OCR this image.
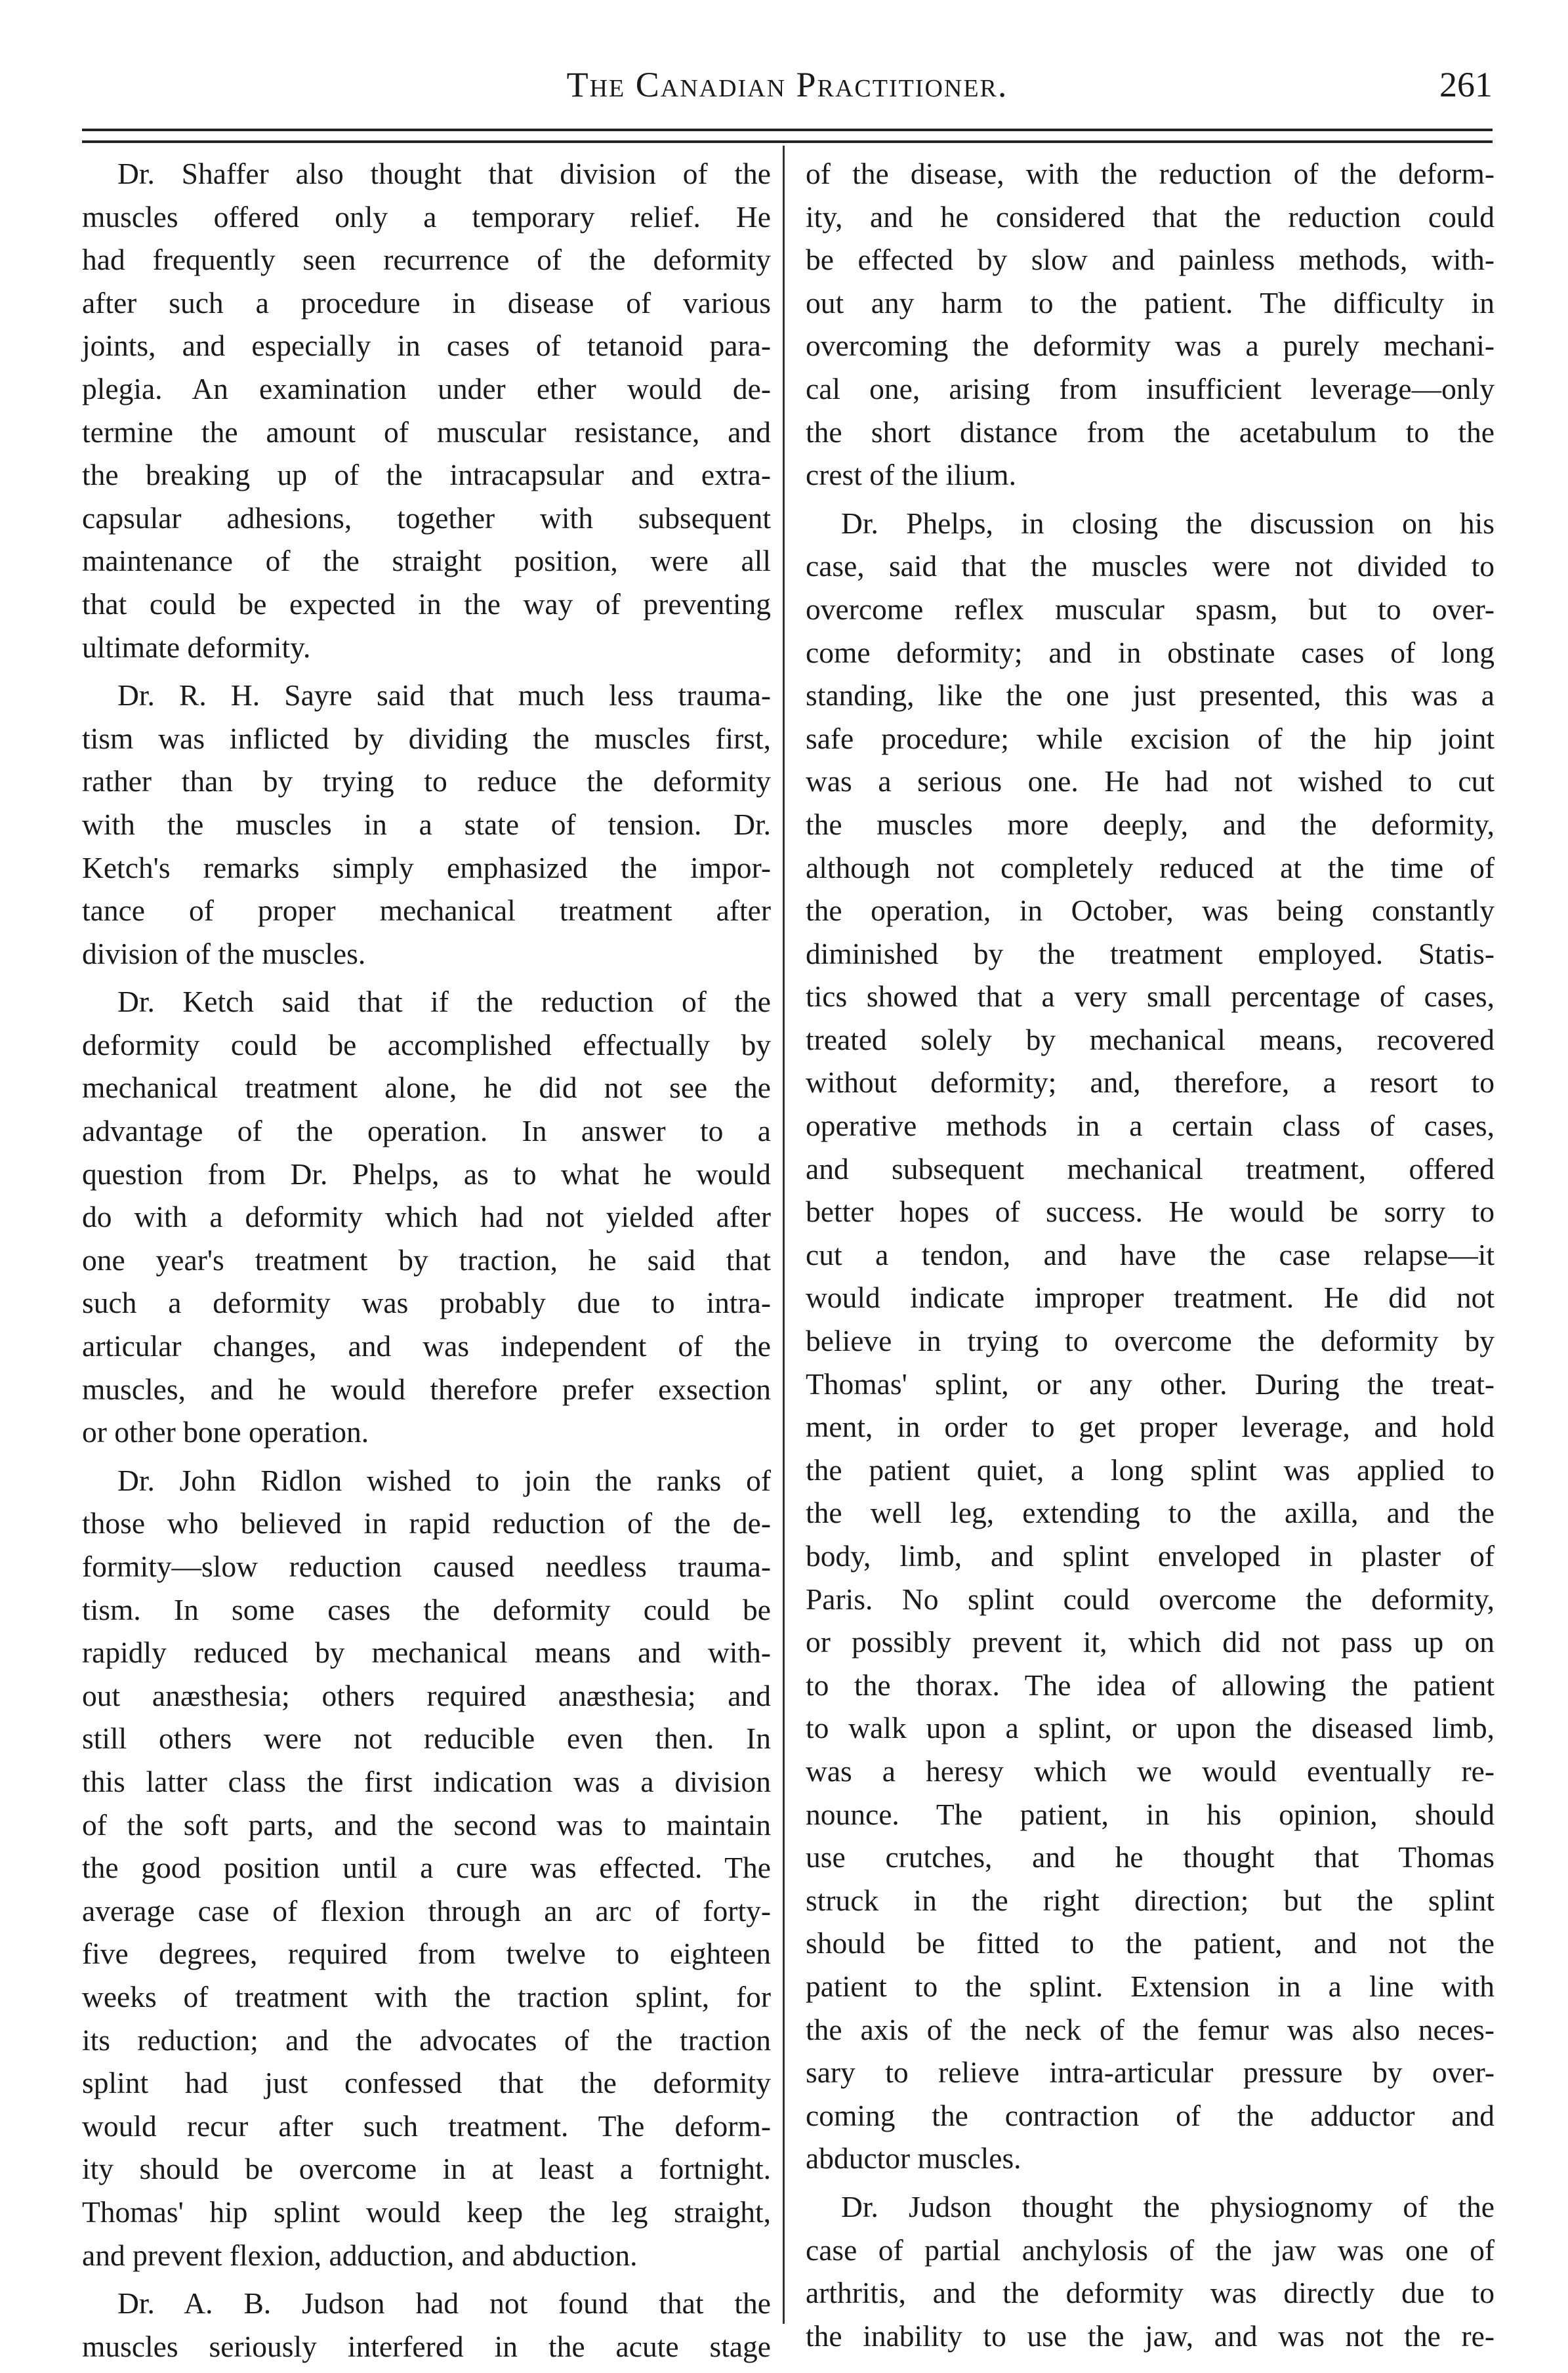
The Canadian Practitioner.	261

Dr. Shaffer also thought that division of the
muscles offered only a temporary relief. He
had frequently seen recurrence of the deformity
after such a procedure in disease of various
joints, and especially in cases of tetanoid para-
plegia. An examination under ether would de-
termine the amount of muscular resistance, and
the breaking up of the intracapsular and extra-
capsular adhesions, together with subsequent
maintenance of the straight position, were all
that could be expected in the way of preventing
ultimate deformity.

Dr. R. H. Sayre said that much less trauma-
tism was inflicted by dividing the muscles first,
rather than by trying to reduce the deformity
with the muscles in a state of tension. Dr.
Ketch's remarks simply emphasized the impor-
tance of proper mechanical treatment after
division of the muscles.

Dr. Ketch said that if the reduction of the
deformity could be accomplished effectually by
mechanical treatment alone, he did not see the
advantage of the operation. In answer to a
question from Dr. Phelps, as to what he would
do with a deformity which had not yielded after
one year's treatment by traction, he said that
such a deformity was probably due to intra-
articular changes, and was independent of the
muscles, and he would therefore prefer exsection
or other bone operation.

Dr. John Ridlon wished to join the ranks of
those who believed in rapid reduction of the de-
formity—slow reduction caused needless trauma-
tism. In some cases the deformity could be
rapidly reduced by mechanical means and with-
out anæsthesia; others required anæsthesia; and
still others were not reducible even then. In
this latter class the first indication was a division
of the soft parts, and the second was to maintain
the good position until a cure was effected. The
average case of flexion through an arc of forty-
five degrees, required from twelve to eighteen
weeks of treatment with the traction splint, for
its reduction; and the advocates of the traction
splint had just confessed that the deformity
would recur after such treatment. The deform-
ity should be overcome in at least a fortnight.
Thomas' hip splint would keep the leg straight,
and prevent flexion, adduction, and abduction.

Dr. A. B. Judson had not found that the
muscles seriously interfered in the acute stage

of the disease, with the reduction of the deform-
ity, and he considered that the reduction could
be effected by slow and painless methods, with-
out any harm to the patient. The difficulty in
overcoming the deformity was a purely mechani-
cal one, arising from insufficient leverage—only
the short distance from the acetabulum to the
crest of the ilium.

Dr. Phelps, in closing the discussion on his
case, said that the muscles were not divided to
overcome reflex muscular spasm, but to over-
come deformity; and in obstinate cases of long
standing, like the one just presented, this was a
safe procedure; while excision of the hip joint
was a serious one. He had not wished to cut
the muscles more deeply, and the deformity,
although not completely reduced at the time of
the operation, in October, was being constantly
diminished by the treatment employed. Statis-
tics showed that a very small percentage of cases,
treated solely by mechanical means, recovered
without deformity; and, therefore, a resort to
operative methods in a certain class of cases,
and subsequent mechanical treatment, offered
better hopes of success. He would be sorry to
cut a tendon, and have the case relapse—it
would indicate improper treatment. He did not
believe in trying to overcome the deformity by
Thomas' splint, or any other. During the treat-
ment, in order to get proper leverage, and hold
the patient quiet, a long splint was applied to
the well leg, extending to the axilla, and the
body, limb, and splint enveloped in plaster of
Paris. No splint could overcome the deformity,
or possibly prevent it, which did not pass up on
to the thorax. The idea of allowing the patient
to walk upon a splint, or upon the diseased limb,
was a heresy which we would eventually re-
nounce. The patient, in his opinion, should
use crutches, and he thought that Thomas
struck in the right direction; but the splint
should be fitted to the patient, and not the
patient to the splint. Extension in a line with
the axis of the neck of the femur was also neces-
sary to relieve intra-articular pressure by over-
coming the contraction of the adductor and
abductor muscles.

Dr. Judson thought the physiognomy of the
case of partial anchylosis of the jaw was one of
arthritis, and the deformity was directly due to
the inability to use the jaw, and was not the re-
